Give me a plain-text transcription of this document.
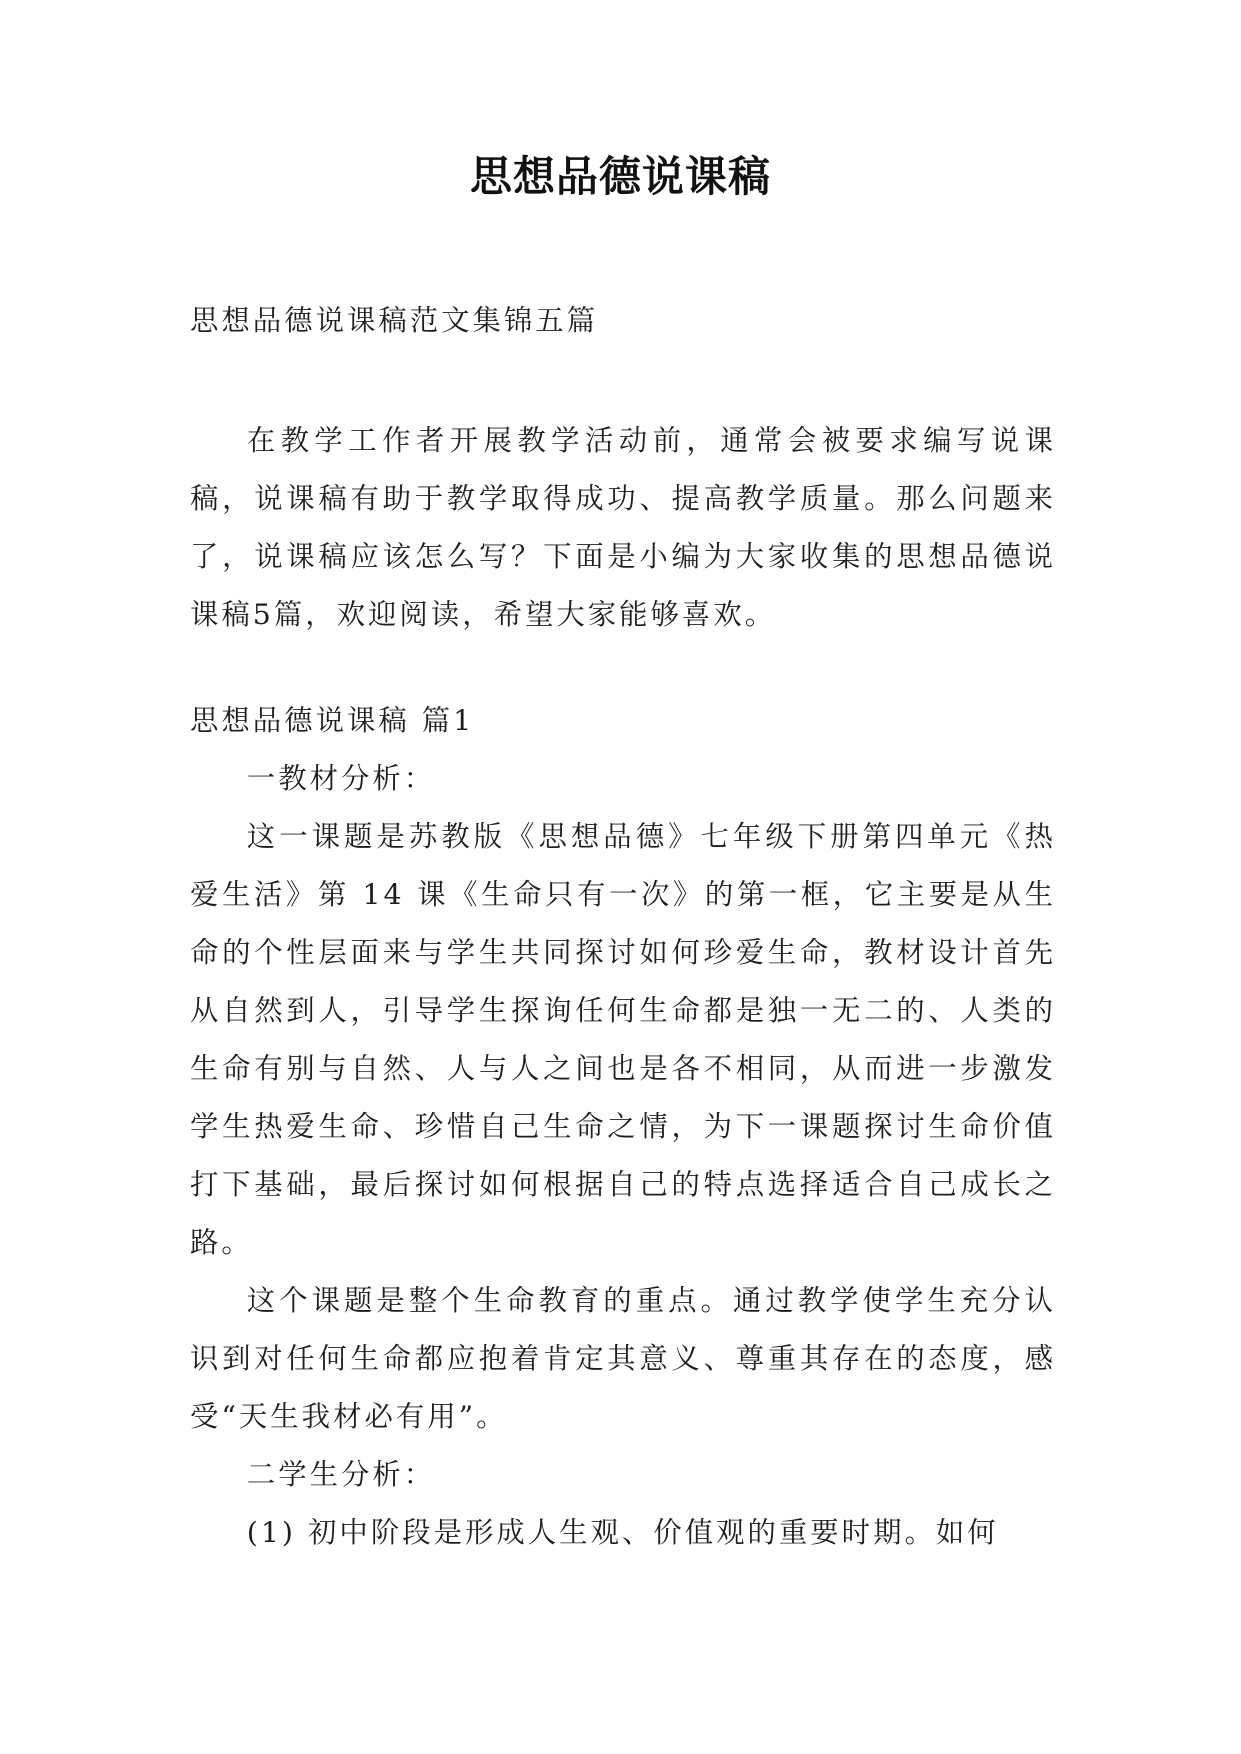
思想品德说课稿

思想品德说课稿范文集锦五篇

在教学工作者开展教学活动前，通常会被要求编写说课稿，说课稿有助于教学取得成功、提高教学质量。那么问题来了，说课稿应该怎么写？下面是小编为大家收集的思想品德说课稿5篇，欢迎阅读，希望大家能够喜欢。

思想品德说课稿 篇1

一教材分析：

这一课题是苏教版《思想品德》七年级下册第四单元《热爱生活》第 14 课《生命只有一次》的第一框，它主要是从生命的个性层面来与学生共同探讨如何珍爱生命，教材设计首先从自然到人，引导学生探询任何生命都是独一无二的、人类的生命有别与自然、人与人之间也是各不相同，从而进一步激发学生热爱生命、珍惜自己生命之情，为下一课题探讨生命价值打下基础，最后探讨如何根据自己的特点选择适合自己成长之路。

这个课题是整个生命教育的重点。通过教学使学生充分认识到对任何生命都应抱着肯定其意义、尊重其存在的态度，感受“天生我材必有用”。

二学生分析：

(1) 初中阶段是形成人生观、价值观的重要时期。如何
